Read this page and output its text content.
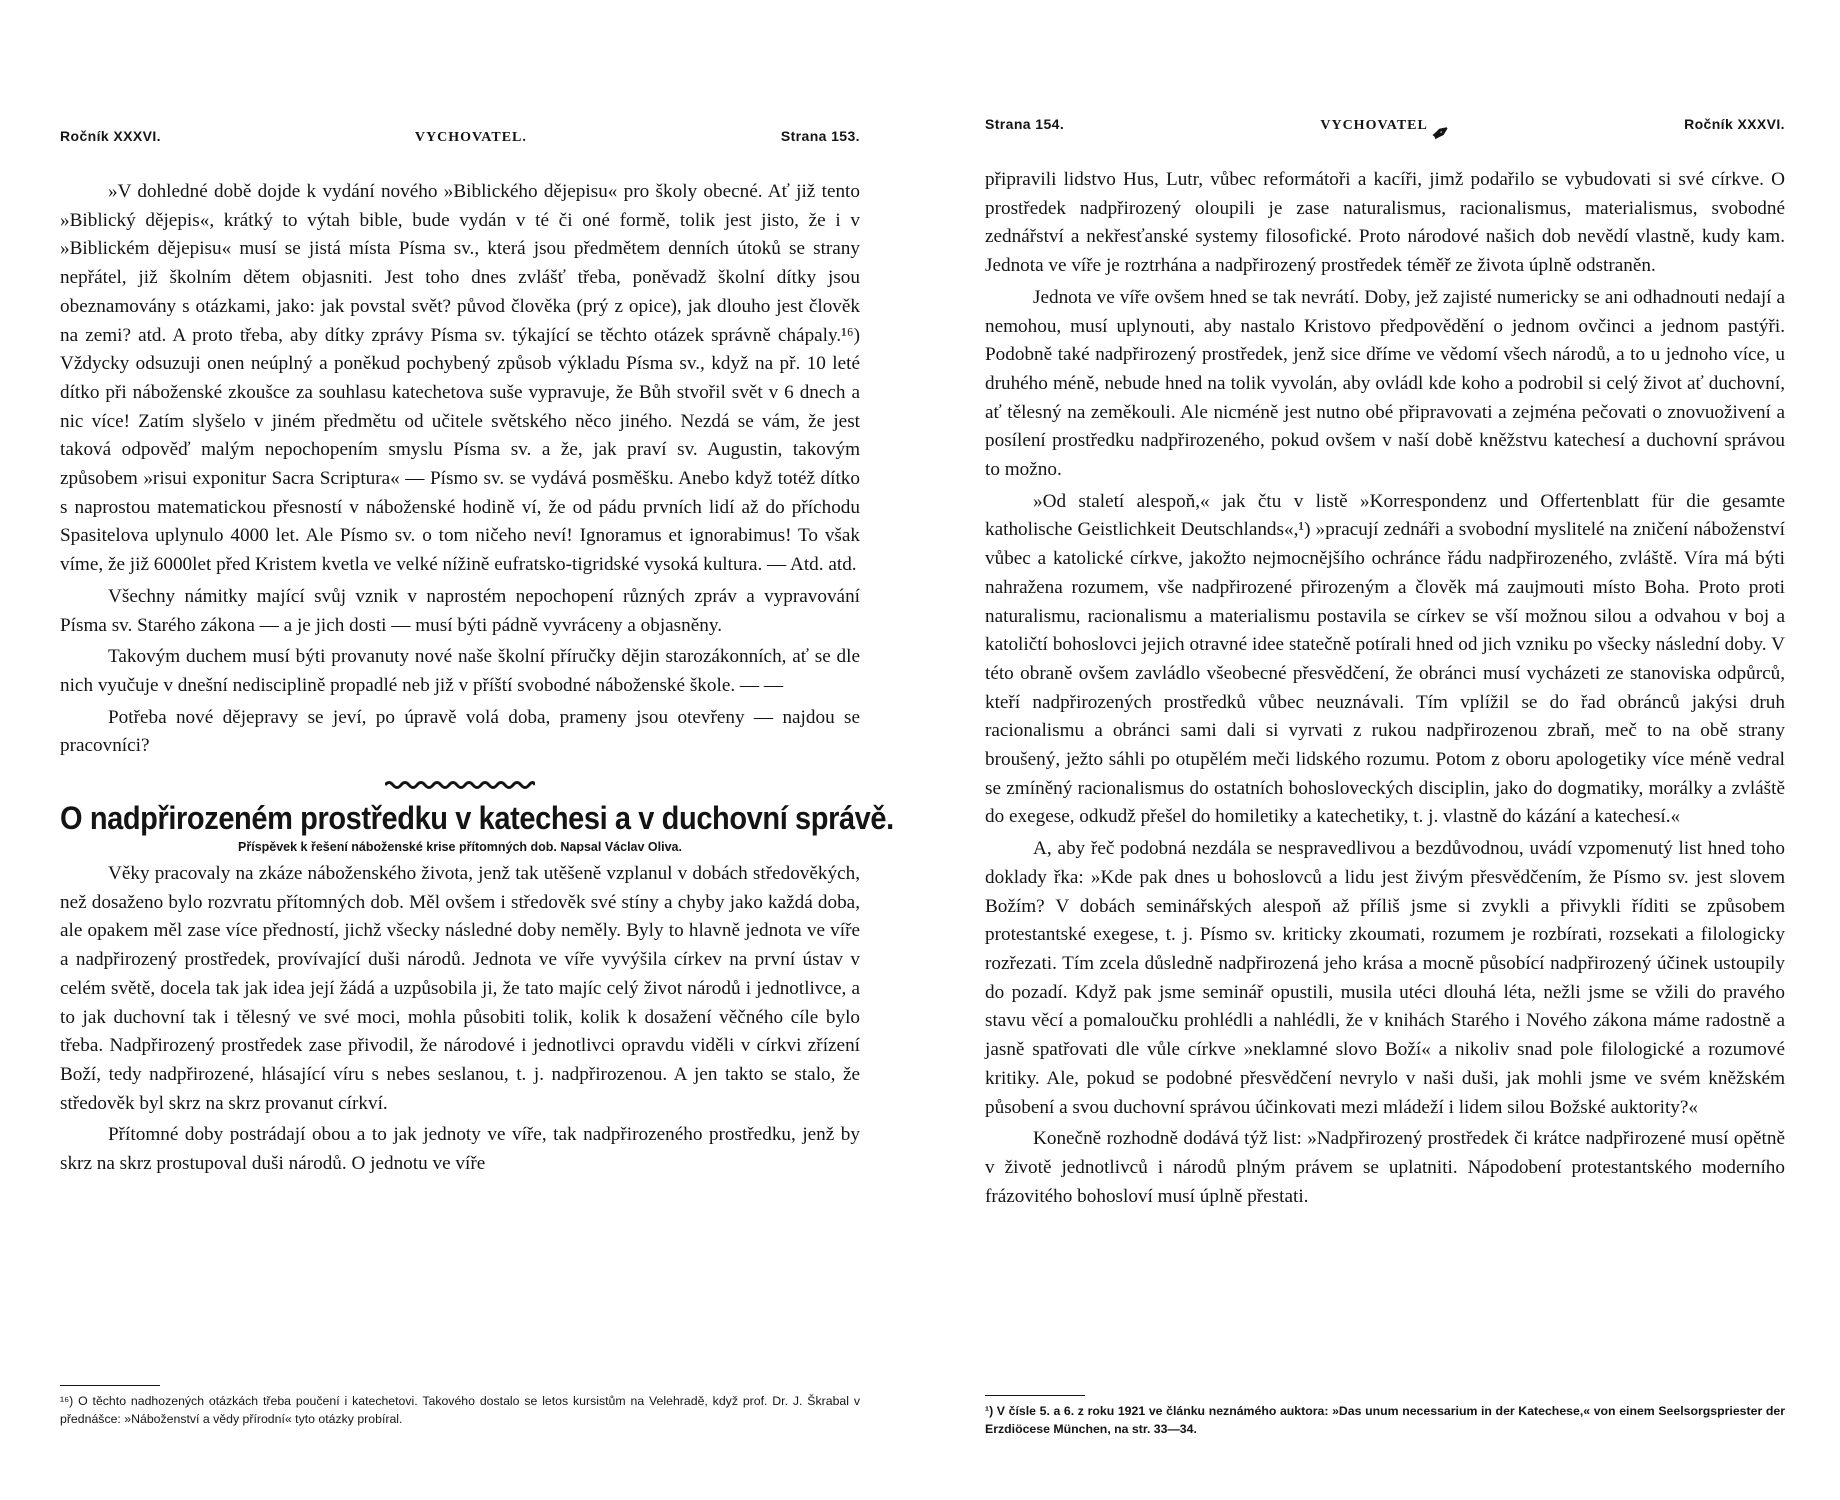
Ročník XXXVI.	VYCHOVATEL.	Strana 153.

»V dohledné době dojde k vydání nového »Biblického dějepisu« pro školy obecné. Ať již tento »Biblický dějepis«, krátký to výtah bible, bude vydán v té či oné formě, tolik jest jisto, že i v »Biblickém dějepisu« musí se jistá místa Písma sv., která jsou předmětem denních útoků se strany nepřátel, již školním dětem objasniti. Jest toho dnes zvlášť třeba, poněvadž školní dítky jsou obeznamovány s otázkami, jako: jak povstal svět? původ člověka (prý z opice), jak dlouho jest člověk na zemi? atd. A proto třeba, aby dítky zprávy Písma sv. týkající se těchto otázek správně chápaly.¹⁶) Vždycky odsuzuji onen neúplný a poněkud pochybený způsob výkladu Písma sv., když na př. 10 leté dítko při náboženské zkoušce za souhlasu katechetova suše vypravuje, že Bůh stvořil svět v 6 dnech a nic více! Zatím slyšelo v jiném předmětu od učitele světského něco jiného. Nezdá se vám, že jest taková odpověď malým nepochopením smyslu Písma sv. a že, jak praví sv. Augustin, takovým způsobem »risui exponitur Sacra Scriptura« — Písmo sv. se vydává posměšku. Anebo když totéž dítko s naprostou matematickou přesností v náboženské hodině ví, že od pádu prvních lidí až do příchodu Spasitelova uplynulo 4000 let. Ale Písmo sv. o tom ničeho neví! Ignoramus et ignorabimus! To však víme, že již 6000let před Kristem kvetla ve velké nížině eufratsko-tigridské vysoká kultura. — Atd. atd.

Všechny námitky mající svůj vznik v naprostém nepochopení různých zpráv a vypravování Písma sv. Starého zákona — a je jich dosti — musí býti pádně vyvráceny a objasněny.

Takovým duchem musí býti provanuty nové naše školní příručky dějin starozákonních, ať se dle nich vyučuje v dnešní nedisciplině propadlé neb již v příští svobodné náboženské škole. — —

Potřeba nové dějepravy se jeví, po úpravě volá doba, prameny jsou otevřeny — najdou se pracovníci?

O nadpřirozeném prostředku v katechesi a v duchovní správě.
Příspěvek k řešení náboženské krise přítomných dob. Napsal Václav Oliva.

Věky pracovaly na zkáze náboženského života, jenž tak utěšeně vzplanul v dobách středověkých, než dosaženo bylo rozvratu přítomných dob. Měl ovšem i středověk své stíny a chyby jako každá doba, ale opakem měl zase více předností, jichž všecky následné doby neměly. Byly to hlavně jednota ve víře a nadpřirozený prostředek, provívající duši národů. Jednota ve víře vyvýšila církev na první ústav v celém světě, docela tak jak idea její žádá a uzpůsobila ji, že tato majíc celý život národů i jednotlivce, a to jak duchovní tak i tělesný ve své moci, mohla působiti tolik, kolik k dosažení věčného cíle bylo třeba. Nadpřirozený prostředek zase přivodil, že národové i jednotlivci opravdu viděli v církvi zřízení Boží, tedy nadpřirozené, hlásající víru s nebes seslanou, t. j. nadpřirozenou. A jen takto se stalo, že středověk byl skrz na skrz provanut církví.

Přítomné doby postrádají obou a to jak jednoty ve víře, tak nadpřirozeného prostředku, jenž by skrz na skrz prostupoval duši národů. O jednotu ve víře

¹⁶) O těchto nadhozených otázkách třeba poučení i katechetovi. Takového dostalo se letos kursistům na Velehradě, když prof. Dr. J. Škrabal v přednášce: »Náboženství a vědy přírodní« tyto otázky probíral.

Strana 154.	VYCHOVATEL
✒	Ročník XXXVI.

připravili lidstvo Hus, Lutr, vůbec reformátoři a kacíři, jimž podařilo se vybudovati si své církve. O prostředek nadpřirozený oloupili je zase naturalismus, racionalismus, materialismus, svobodné zednářství a nekřesťanské systemy filosofické. Proto národové našich dob nevědí vlastně, kudy kam. Jednota ve víře je roztrhána a nadpřirozený prostředek téměř ze života úplně odstraněn.

Jednota ve víře ovšem hned se tak nevrátí. Doby, jež zajisté numericky se ani odhadnouti nedají a nemohou, musí uplynouti, aby nastalo Kristovo předpovědění o jednom ovčinci a jednom pastýři. Podobně také nadpřirozený prostředek, jenž sice dříme ve vědomí všech národů, a to u jednoho více, u druhého méně, nebude hned na tolik vyvolán, aby ovládl kde koho a podrobil si celý život ať duchovní, ať tělesný na zeměkouli. Ale nicméně jest nutno obé připravovati a zejména pečovati o znovuoživení a posílení prostředku nadpřirozeného, pokud ovšem v naší době kněžstvu katechesí a duchovní správou to možno.

»Od staletí alespoň,« jak čtu v listě »Korrespondenz und Offertenblatt für die gesamte katholische Geistlichkeit Deutschlands«,¹) »pracují zednáři a svobodní myslitelé na zničení náboženství vůbec a katolické církve, jakožto nejmocnějšího ochránce řádu nadpřirozeného, zvláště. Víra má býti nahražena rozumem, vše nadpřirozené přirozeným a člověk má zaujmouti místo Boha. Proto proti naturalismu, racionalismu a materialismu postavila se církev se vší možnou silou a odvahou v boj a katoličtí bohoslovci jejich otravné idee statečně potírali hned od jich vzniku po všecky následní doby. V této obraně ovšem zavládlo všeobecné přesvědčení, že obránci musí vycházeti ze stanoviska odpůrců, kteří nadpřirozených prostředků vůbec neuznávali. Tím vplížil se do řad obránců jakýsi druh racionalismu a obránci sami dali si vyrvati z rukou nadpřirozenou zbraň, meč to na obě strany broušený, ježto sáhli po otupělém meči lidského rozumu. Potom z oboru apologetiky více méně vedral se zmíněný racionalismus do ostatních bohosloveckých disciplin, jako do dogmatiky, morálky a zvláště do exegese, odkudž přešel do homiletiky a katechetiky, t. j. vlastně do kázání a katechesí.«

A, aby řeč podobná nezdála se nespravedlivou a bezdůvodnou, uvádí vzpomenutý list hned toho doklady řka: »Kde pak dnes u bohoslovců a lidu jest živým přesvědčením, že Písmo sv. jest slovem Božím? V dobách seminářských alespoň až příliš jsme si zvykli a přivykli říditi se způsobem protestantské exegese, t. j. Písmo sv. kriticky zkoumati, rozumem je rozbírati, rozsekati a filologicky rozřezati. Tím zcela důsledně nadpřirozená jeho krása a mocně působící nadpřirozený účinek ustoupily do pozadí. Když pak jsme seminář opustili, musila utéci dlouhá léta, nežli jsme se vžili do pravého stavu věcí a pomaloučku prohlédli a nahlédli, že v knihách Starého i Nového zákona máme radostně a jasně spatřovati dle vůle církve »neklamné slovo Boží« a nikoliv snad pole filologické a rozumové kritiky. Ale, pokud se podobné přesvědčení nevrylo v naši duši, jak mohli jsme ve svém kněžském působení a svou duchovní správou účinkovati mezi mládeží i lidem silou Božské auktority?«

Konečně rozhodně dodává týž list: »Nadpřirozený prostředek či krátce nadpřirozené musí opětně v životě jednotlivců i národů plným právem se uplatniti. Nápodobení protestantského moderního frázovitého bohosloví musí úplně přestati.

¹) V čísle 5. a 6. z roku 1921 ve článku neznámého auktora: »Das unum necessarium in der Katechese,« von einem Seelsorgspriester der Erzdiöcese München, na str. 33—34.
